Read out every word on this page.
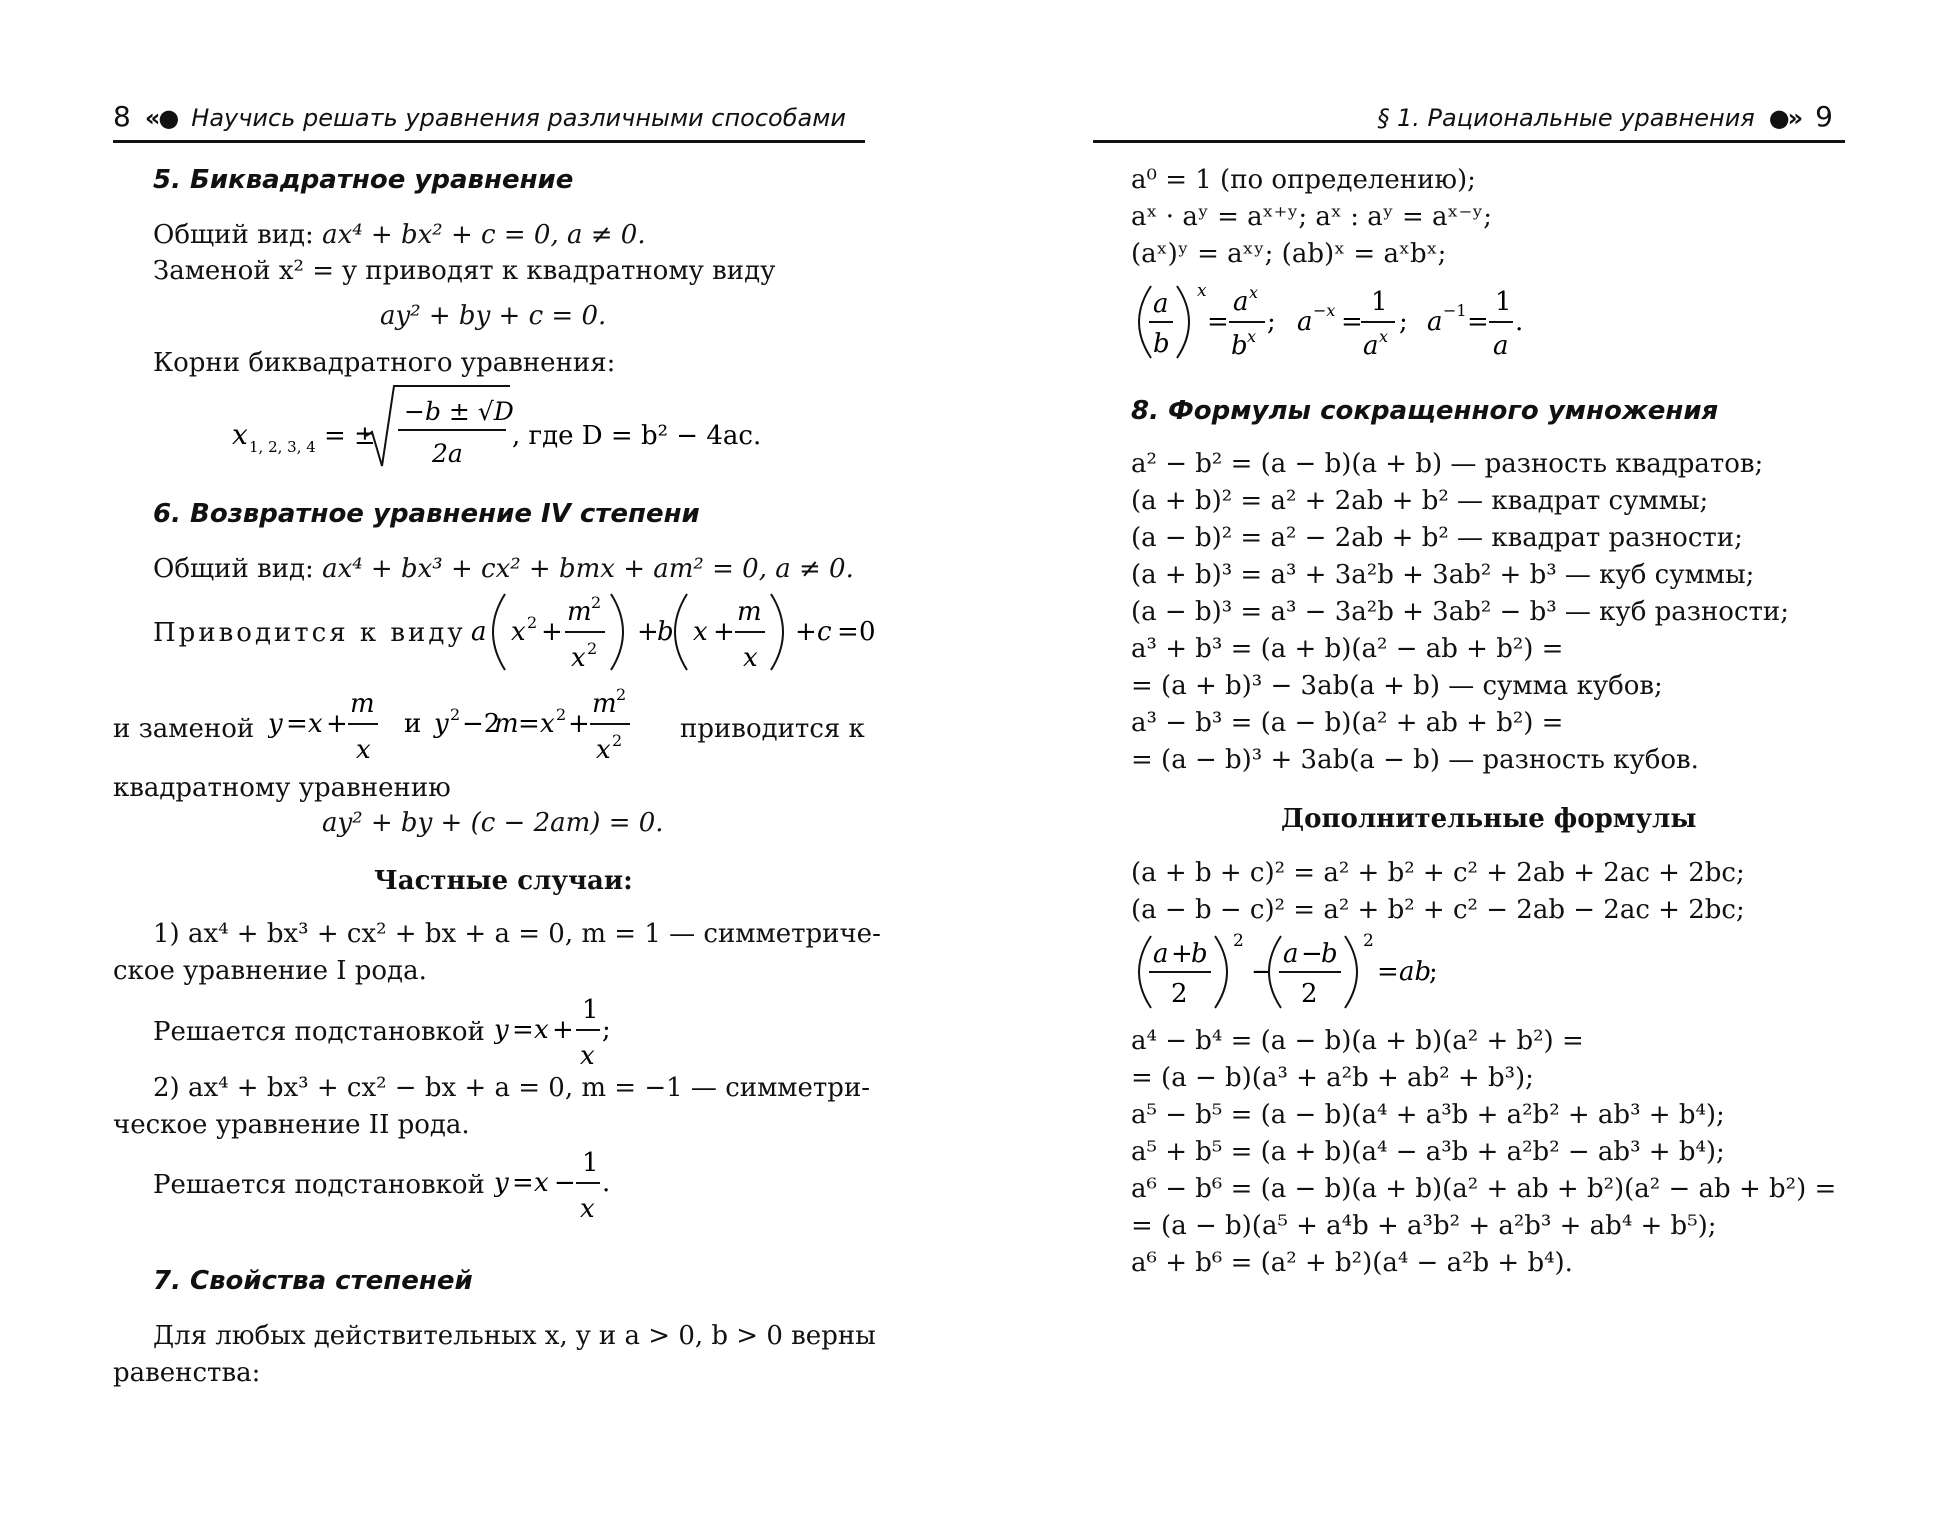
8  «●  Научись решать уравнения различными способами
5. Биквадратное уравнение
Общий вид: ax⁴ + bx² + c = 0, a ≠ 0.
Заменой x² = y приводят к квадратному виду
ay² + by + c = 0.
Корни биквадратного уравнения:
x 1, 2, 3, 4 = ±
−b ± √D
2a
, где D = b² − 4ac.
6. Возвратное уравнение IV степени
Общий вид: ax⁴ + bx³ + cx² + bmx + am² = 0, a ≠ 0.
Приводится к виду a x 2 +
m 2
x 2
+
b x +
m
x
+ c = 0
и заменой y = x +
m
x
и y 2 −2
m = x 2 +
m 2
x 2 приводится к
квадратному уравнению
ay² + by + (c − 2am) = 0.
Частные случаи:
1) ax⁴ + bx³ + cx² + bx + a = 0, m = 1 — симметриче-
ское уравнение I рода.
Решается подстановкой y = x +
1
x
;
2) ax⁴ + bx³ + cx² − bx + a = 0, m = −1 — симметри-
ческое уравнение II рода.
Решается подстановкой y = x −
1
x
.
7. Свойства степеней
Для любых действительных x, y и a > 0, b > 0 верны
равенства:
§ 1. Рациональные уравнения  ●»  9
a⁰ = 1 (по определению);
aˣ · aʸ = aˣ⁺ʸ; aˣ : aʸ = aˣ⁻ʸ;
(aˣ)ʸ = aˣʸ; (ab)ˣ = aˣbˣ;
a
b
x
=
a x
b x ; a −x =
1
a x ; a −1 =
1
a
.
8. Формулы сокращенного умножения
a² − b² = (a − b)(a + b) — разность квадратов;
(a + b)² = a² + 2ab + b² — квадрат суммы;
(a − b)² = a² − 2ab + b² — квадрат разности;
(a + b)³ = a³ + 3a²b + 3ab² + b³ — куб суммы;
(a − b)³ = a³ − 3a²b + 3ab² − b³ — куб разности;
a³ + b³ = (a + b)(a² − ab + b²) =
= (a + b)³ − 3ab(a + b) — сумма кубов;
a³ − b³ = (a − b)(a² + ab + b²) =
= (a − b)³ + 3ab(a − b) — разность кубов.
Дополнительные формулы
(a + b + c)² = a² + b² + c² + 2ab + 2ac + 2bc;
(a − b − c)² = a² + b² + c² − 2ab − 2ac + 2bc;
a +
b
2
2
−
a −
b
2
2
= ab
;
a⁴ − b⁴ = (a − b)(a + b)(a² + b²) =
= (a − b)(a³ + a²b + ab² + b³);
a⁵ − b⁵ = (a − b)(a⁴ + a³b + a²b² + ab³ + b⁴);
a⁵ + b⁵ = (a + b)(a⁴ − a³b + a²b² − ab³ + b⁴);
a⁶ − b⁶ = (a − b)(a + b)(a² + ab + b²)(a² − ab + b²) =
= (a − b)(a⁵ + a⁴b + a³b² + a²b³ + ab⁴ + b⁵);
a⁶ + b⁶ = (a² + b²)(a⁴ − a²b + b⁴).
